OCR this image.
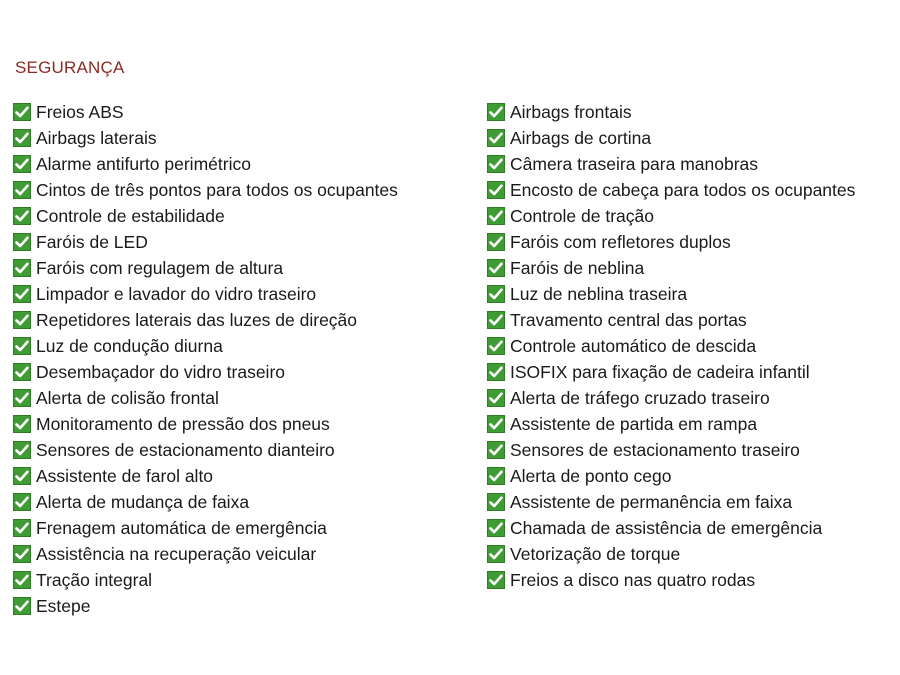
SEGURANÇA
Freios ABS
Airbags laterais
Alarme antifurto perimétrico
Cintos de três pontos para todos os ocupantes
Controle de estabilidade
Faróis de LED
Faróis com regulagem de altura
Limpador e lavador do vidro traseiro
Repetidores laterais das luzes de direção
Luz de condução diurna
Desembaçador do vidro traseiro
Alerta de colisão frontal
Monitoramento de pressão dos pneus
Sensores de estacionamento dianteiro
Assistente de farol alto
Alerta de mudança de faixa
Frenagem automática de emergência
Assistência na recuperação veicular
Tração integral
Estepe
Airbags frontais
Airbags de cortina
Câmera traseira para manobras
Encosto de cabeça para todos os ocupantes
Controle de tração
Faróis com refletores duplos
Faróis de neblina
Luz de neblina traseira
Travamento central das portas
Controle automático de descida
ISOFIX para fixação de cadeira infantil
Alerta de tráfego cruzado traseiro
Assistente de partida em rampa
Sensores de estacionamento traseiro
Alerta de ponto cego
Assistente de permanência em faixa
Chamada de assistência de emergência
Vetorização de torque
Freios a disco nas quatro rodas
